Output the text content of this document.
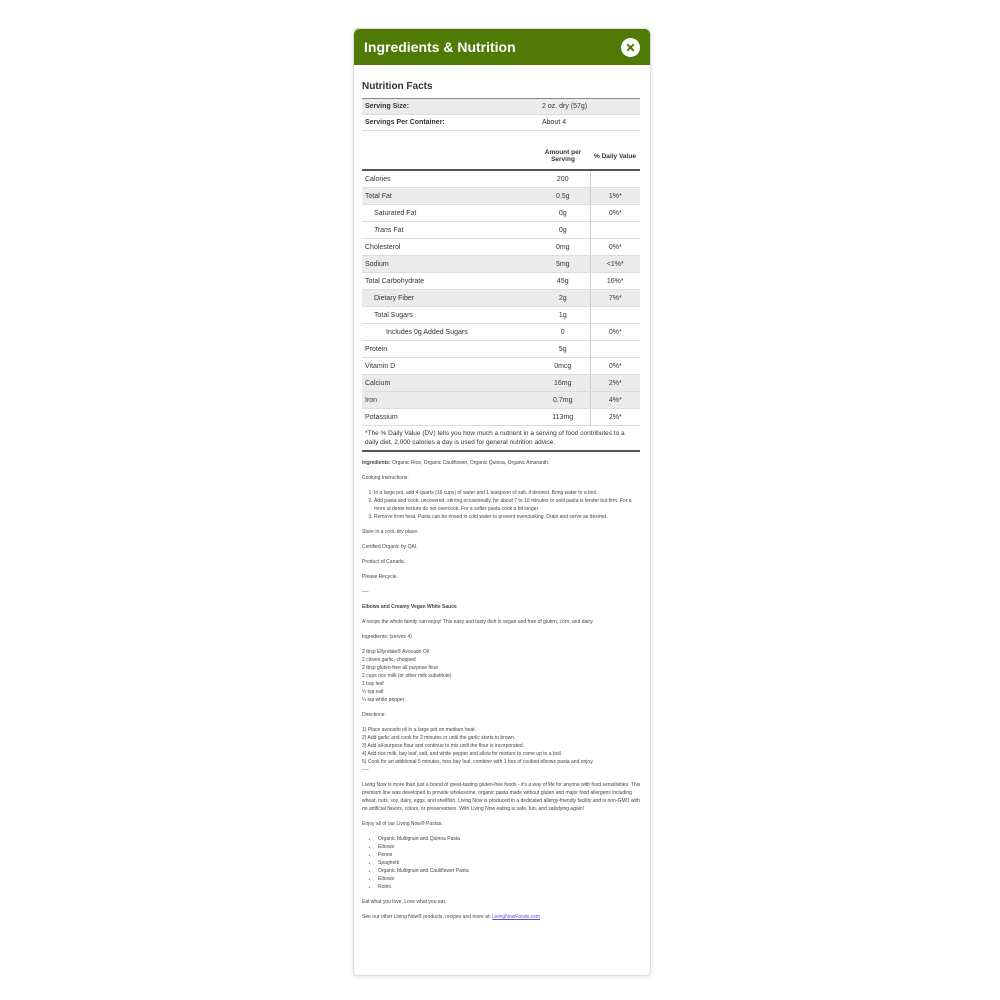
Ingredients & Nutrition
Nutrition Facts
Serving Size:	2 oz. dry (57g)
Servings Per Container:	About 4
	Amount per Serving	% Daily Value
Calories	200	
Total Fat	0.5g	1%*
Saturated Fat	0g	0%*
Trans Fat	0g	
Cholesterol	0mg	0%*
Sodium	5mg	<1%*
Total Carbohydrate	45g	16%*
Dietary Fiber	2g	7%*
Total Sugars	1g	
Includes 0g Added Sugars	0	0%*
Protein	5g	
Vitamin D	0mcg	0%*
Calcium	16mg	2%*
Iron	0.7mg	4%*
Potassium	113mg	2%*
*The % Daily Value (DV) tells you how much a nutrient in a serving of food contributes to a daily diet. 2,000 calories a day is used for general nutrition advice.

Ingredients: Organic Rice, Organic Cauliflower, Organic Quinoa, Organic Amaranth.

Cooking Instructions:

1. In a large pot, add 4 quarts (16 cups) of water and 1 teaspoon of salt, if desired. Bring water to a boil.
2. Add pasta and cook, uncovered, stirring occasionally, for about 7 to 10 minutes or until pasta is tender but firm. For a more al dente texture do not overcook. For a softer pasta cook a bit longer.
3. Remove from heat. Pasta can be rinsed in cold water to prevent overcooking. Drain and serve as desired.

Store in a cool, dry place.

Certified Organic by QAI.

Product of Canada.

Please Recycle.

----

Elbows and Creamy Vegan White Sauce

A recipe the whole family can enjoy! This easy and tasty dish is vegan and free of gluten, corn, and dairy.

Ingredients: (serves 4)

2 tbsp Ellyndale® Avocado Oil

2 cloves garlic, chopped

2 tbsp gluten-free all-purpose flour

2 cups rice milk (or other milk substitute)

1 bay leaf

½ tsp salt

¼ tsp white pepper

Directions:

1) Place avocado oil in a large pot on medium heat.

2) Add garlic and cook for 2 minutes or until the garlic starts to brown.

3) Add all-purpose flour and continue to mix until the flour is incorporated.

4) Add rice milk, bay leaf, salt, and white pepper and allow for mixture to come up to a boil.

5) Cook for an additional 5 minutes, toss bay leaf, combine with 1 box of cooked elbows pasta and enjoy.

----

Living Now is more than just a brand of great-tasting gluten-free foods - it's a way of life for anyone with food sensitivities. This premium line was developed to provide wholesome, organic pasta made without gluten and major food allergens including wheat, nuts, soy, dairy, eggs, and shellfish. Living Now is produced in a dedicated allergy-friendly facility and is non-GMO with no artificial flavors, colors, or preservatives. With Living Now eating is safe, fun, and satisfying again!

Enjoy all of our Living Now® Pastas:

• Organic Multigrain and Quinoa Pasta
• Elbows
• Penne
• Spaghetti
• Organic Multigrain and Cauliflower Pasta
• Elbows
• Rotini

Eat what you love. Love what you eat.

See our other Living Now® products, recipes and more at: LivingNowFoods.com
